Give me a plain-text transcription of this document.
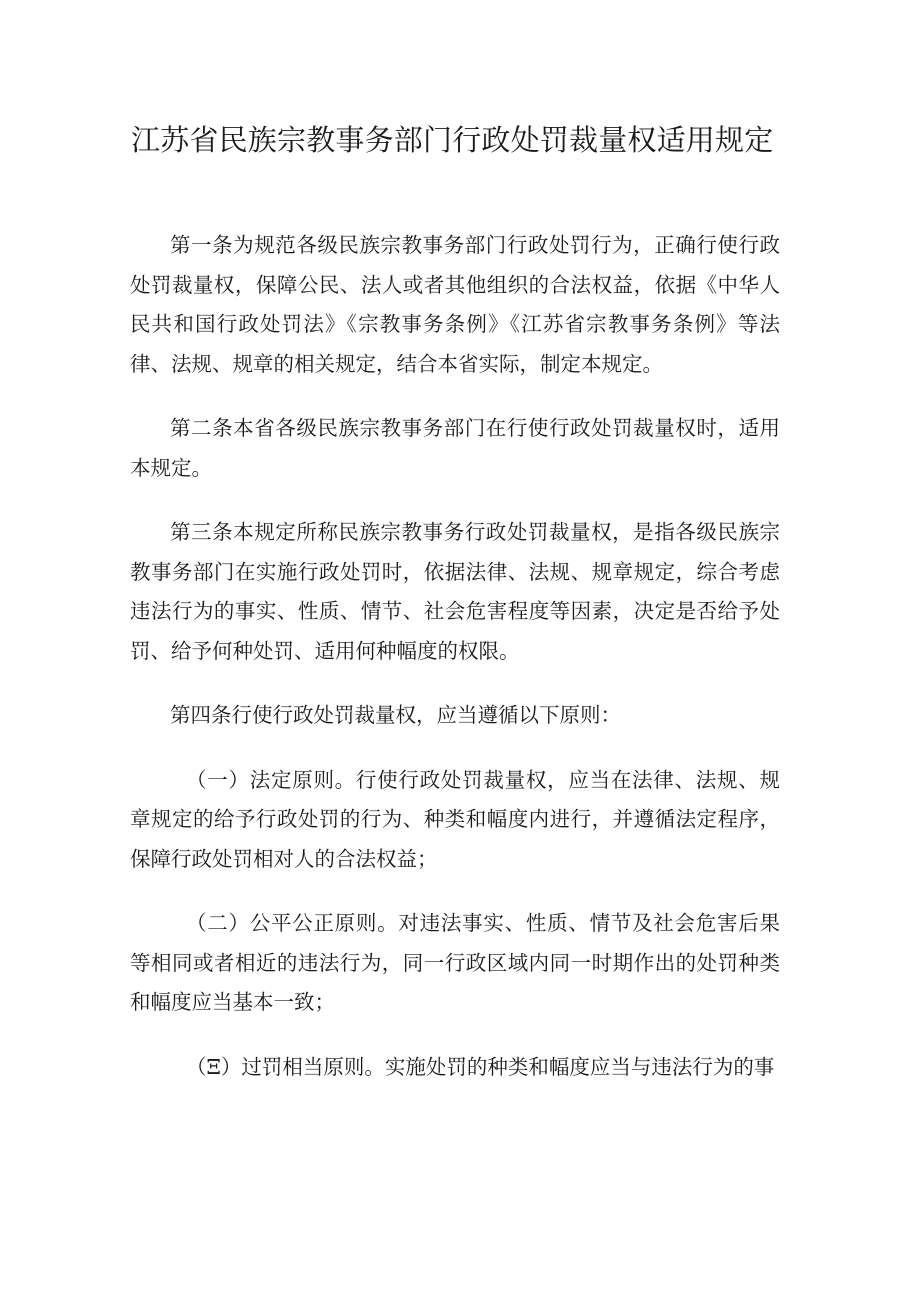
江苏省民族宗教事务部门行政处罚裁量权适用规定

第一条为规范各级民族宗教事务部门行政处罚行为，正确行使行政处罚裁量权，保障公民、法人或者其他组织的合法权益，依据《中华人民共和国行政处罚法》《宗教事务条例》《江苏省宗教事务条例》等法律、法规、规章的相关规定，结合本省实际，制定本规定。

第二条本省各级民族宗教事务部门在行使行政处罚裁量权时，适用本规定。

第三条本规定所称民族宗教事务行政处罚裁量权，是指各级民族宗教事务部门在实施行政处罚时，依据法律、法规、规章规定，综合考虑违法行为的事实、性质、情节、社会危害程度等因素，决定是否给予处罚、给予何种处罚、适用何种幅度的权限。

第四条行使行政处罚裁量权，应当遵循以下原则：

（一）法定原则。行使行政处罚裁量权，应当在法律、法规、规章规定的给予行政处罚的行为、种类和幅度内进行，并遵循法定程序，保障行政处罚相对人的合法权益；

（二）公平公正原则。对违法事实、性质、情节及社会危害后果等相同或者相近的违法行为，同一行政区域内同一时期作出的处罚种类和幅度应当基本一致；

（Ξ）过罚相当原则。实施处罚的种类和幅度应当与违法行为的事
